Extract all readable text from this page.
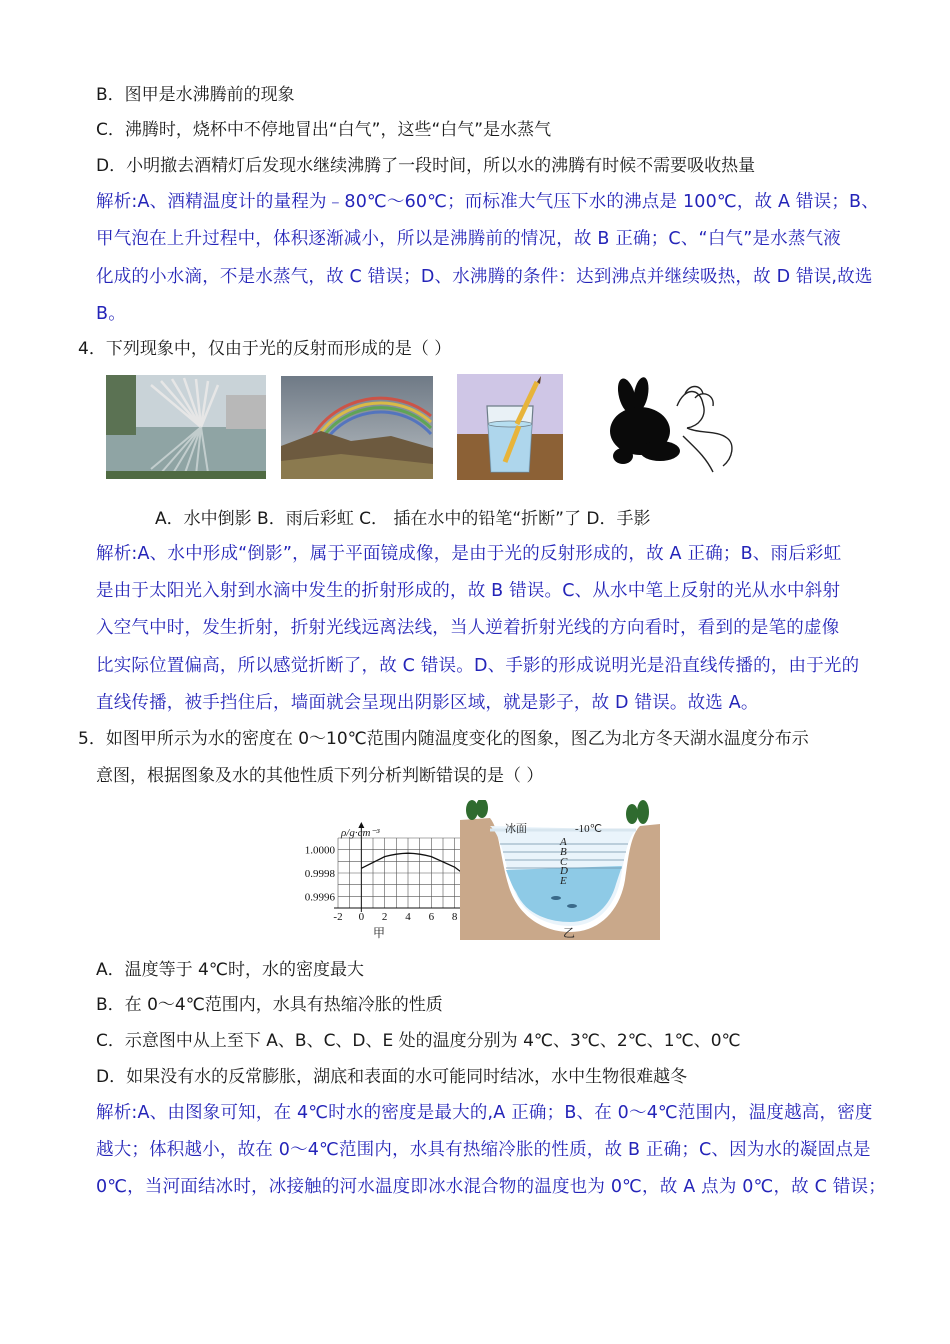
B．图甲是水沸腾前的现象
C．沸腾时，烧杯中不停地冒出“白气”，这些“白气”是水蒸气
D．小明撤去酒精灯后发现水继续沸腾了一段时间，所以水的沸腾有时候不需要吸收热量
解析:A、酒精温度计的量程为﹣80℃～60℃；而标准大气压下水的沸点是 100℃，故 A 错误；B、
甲气泡在上升过程中，体积逐渐减小，所以是沸腾前的情况，故 B 正确；C、“白气”是水蒸气液
化成的小水滴，不是水蒸气，故 C 错误；D、水沸腾的条件：达到沸点并继续吸热，故 D 错误,故选
B。
4．下列现象中，仅由于光的反射而形成的是（ ）
A．水中倒影 B．雨后彩虹 C． 插在水中的铅笔“折断”了 D．手影
解析:A、水中形成“倒影”，属于平面镜成像，是由于光的反射形成的，故 A 正确；B、雨后彩虹
是由于太阳光入射到水滴中发生的折射形成的，故 B 错误。C、从水中笔上反射的光从水中斜射
入空气中时，发生折射，折射光线远离法线，当人逆着折射光线的方向看时，看到的是笔的虚像
比实际位置偏高，所以感觉折断了，故 C 错误。D、手影的形成说明光是沿直线传播的，由于光的
直线传播，被手挡住后，墙面就会呈现出阴影区域，就是影子，故 D 错误。故选 A。
5．如图甲所示为水的密度在 0～10℃范围内随温度变化的图象，图乙为北方冬天湖水温度分布示
意图，根据图象及水的其他性质下列分析判断错误的是（ ）
-2 0 2 4 6 8
1.0000
0.9998
0.9996
ρ/g·cm⁻³
甲
冰面	-10℃
A
B
C
D
E
乙
A．温度等于 4℃时，水的密度最大
B．在 0～4℃范围内，水具有热缩冷胀的性质
C．示意图中从上至下 A、B、C、D、E 处的温度分别为 4℃、3℃、2℃、1℃、0℃
D．如果没有水的反常膨胀，湖底和表面的水可能同时结冰，水中生物很难越冬
解析:A、由图象可知，在 4℃时水的密度是最大的,A 正确；B、在 0～4℃范围内，温度越高，密度
越大；体积越小，故在 0～4℃范围内，水具有热缩冷胀的性质，故 B 正确；C、因为水的凝固点是
0℃，当河面结冰时，冰接触的河水温度即冰水混合物的温度也为 0℃，故 A 点为 0℃，故 C 错误；
